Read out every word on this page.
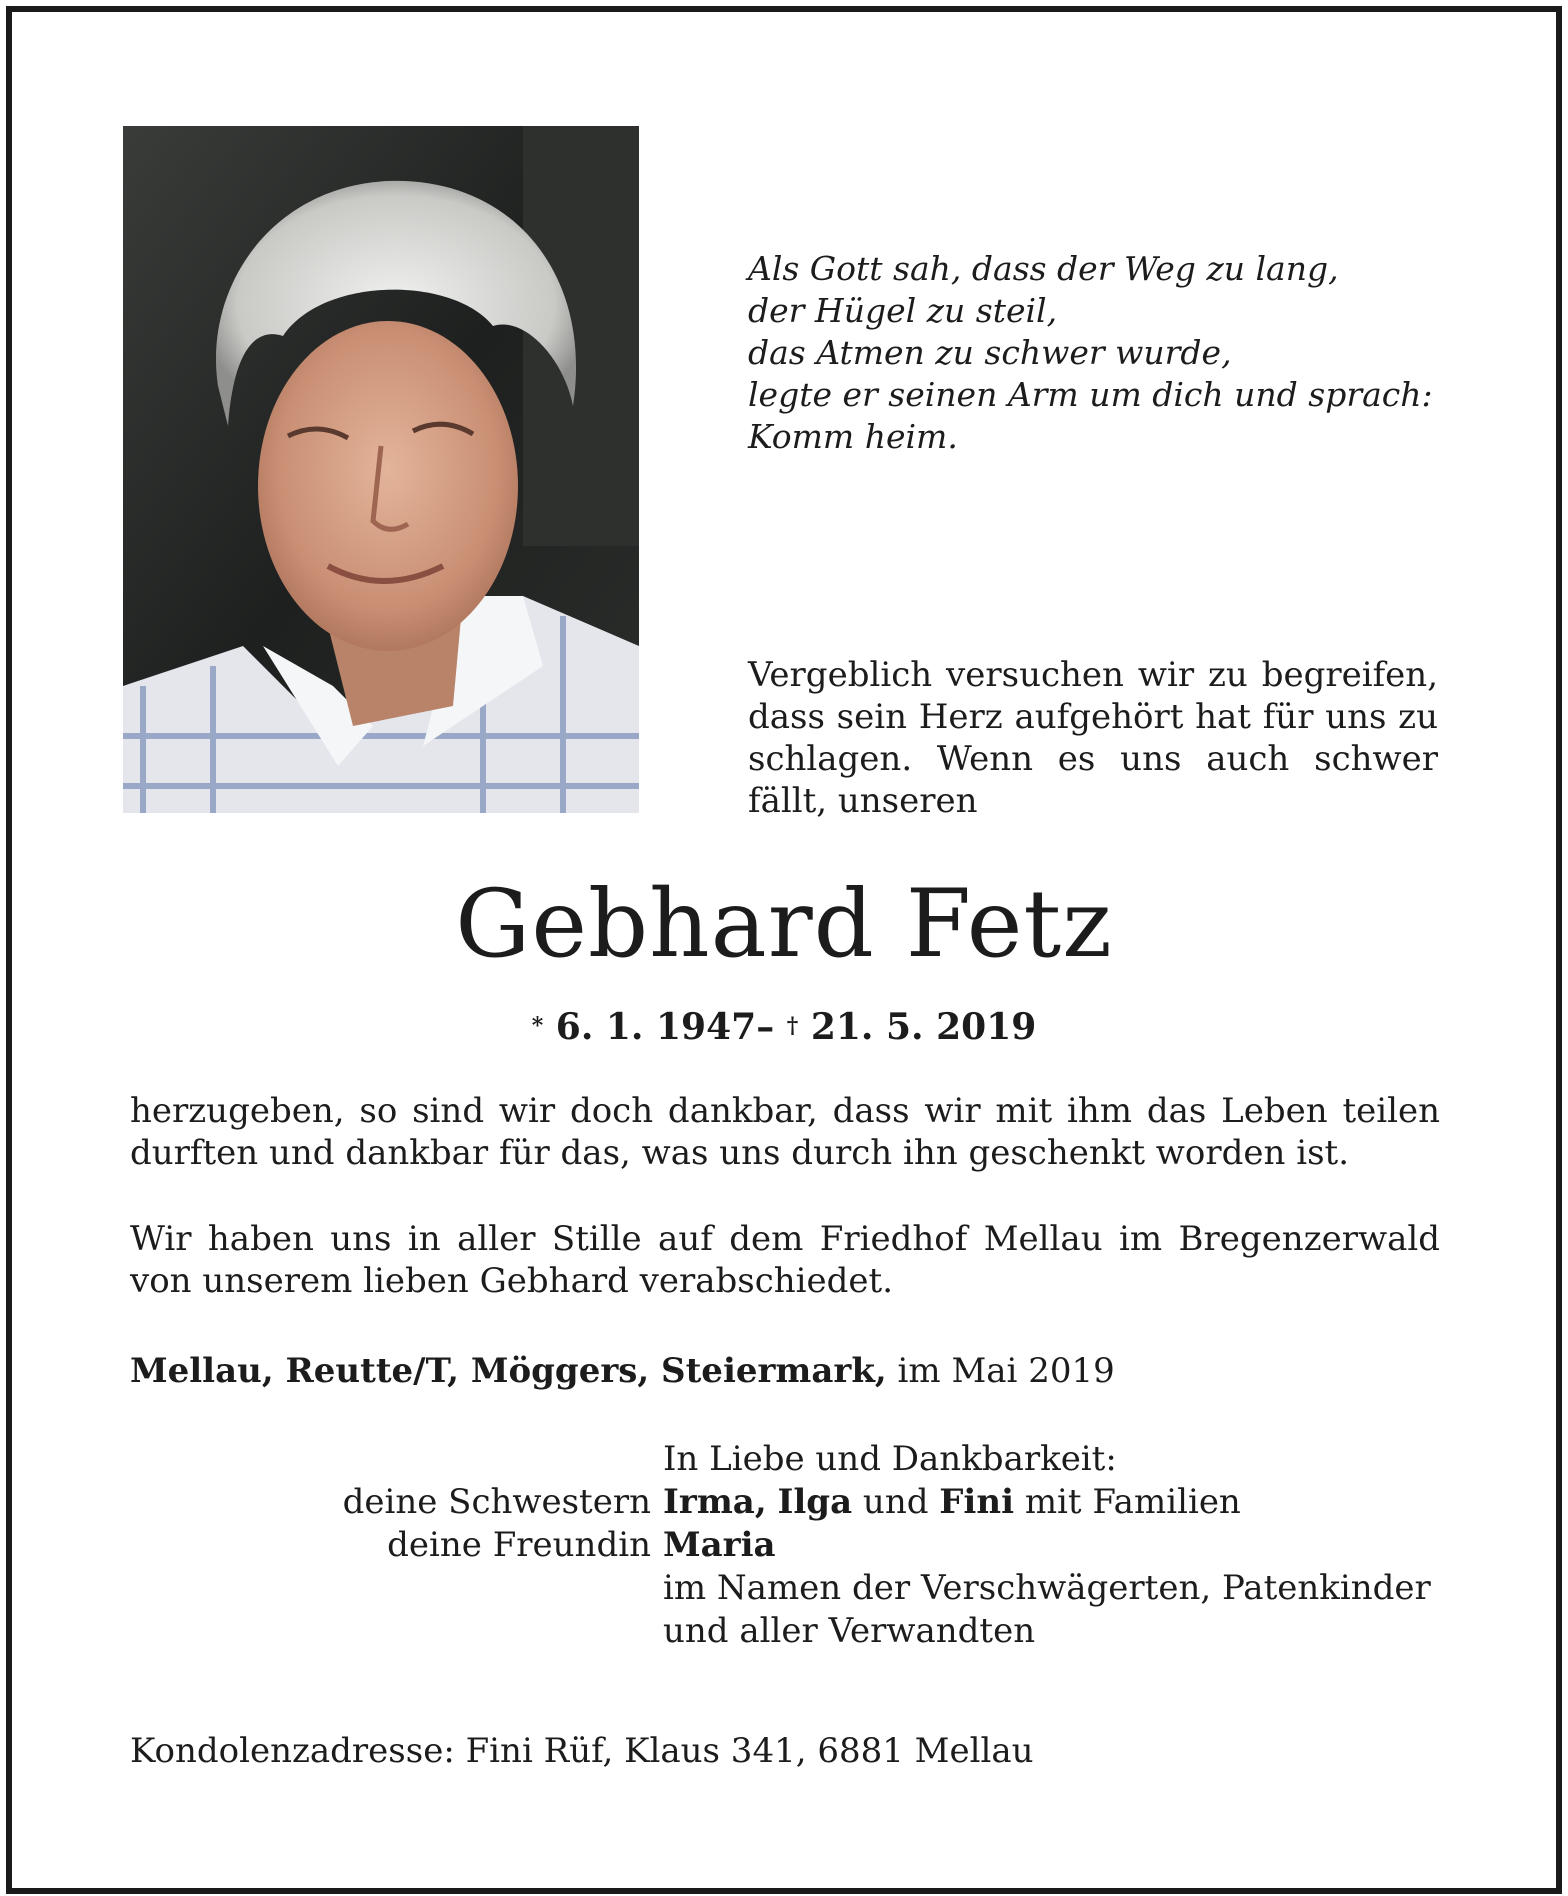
Als Gott sah, dass der Weg zu lang,
der Hügel zu steil,
das Atmen zu schwer wurde,
legte er seinen Arm um dich und sprach:
Komm heim.
Vergeblich versuchen wir zu begreifen, dass sein Herz aufgehört hat für uns zu schlagen. Wenn es uns auch schwer fällt, unseren
Gebhard Fetz
* 6. 1. 1947– † 21. 5. 2019
herzugeben, so sind wir doch dankbar, dass wir mit ihm das Leben teilen durften und dankbar für das, was uns durch ihn geschenkt worden ist.
Wir haben uns in aller Stille auf dem Friedhof Mellau im Bregenzerwald von unserem lieben Gebhard verabschiedet.
Mellau, Reutte/T, Möggers, Steiermark, im Mai 2019
In Liebe und Dankbarkeit:
deine Schwestern Irma, Ilga und Fini mit Familien
deine Freundin Maria
im Namen der Verschwägerten, Patenkinder
und aller Verwandten
Kondolenzadresse: Fini Rüf, Klaus 341, 6881 Mellau
